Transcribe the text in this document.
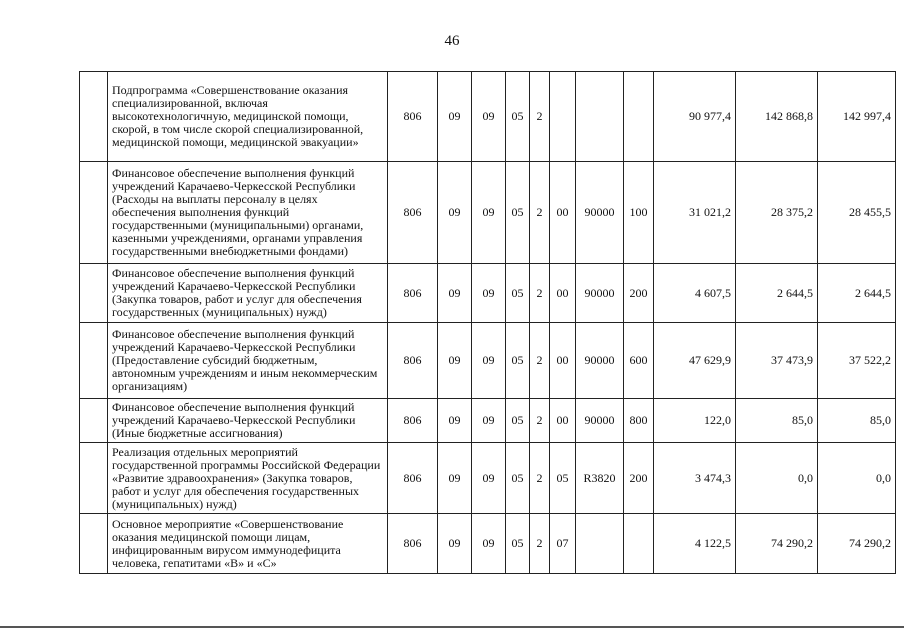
46
	Подпрограмма «Совершенствование оказания специализированной, включая высокотехнологичную, медицинской помощи, скорой, в том числе скорой специализированной, медицинской помощи, медицинской эвакуации»	806	09	09	05	2				90 977,4	142 868,8	142 997,4
	Финансовое обеспечение выполнения функций учреждений Карачаево-Черкесской Республики (Расходы на выплаты персоналу в целях обеспечения выполнения функций государственными (муниципальными) органами, казенными учреждениями, органами управления государственными внебюджетными фондами)	806	09	09	05	2	00	90000	100	31 021,2	28 375,2	28 455,5
	Финансовое обеспечение выполнения функций учреждений Карачаево-Черкесской Республики (Закупка товаров, работ и услуг для обеспечения государственных (муниципальных) нужд)	806	09	09	05	2	00	90000	200	4 607,5	2 644,5	2 644,5
	Финансовое обеспечение выполнения функций учреждений Карачаево-Черкесской Республики (Предоставление субсидий бюджетным, автономным учреждениям и иным некоммерческим организациям)	806	09	09	05	2	00	90000	600	47 629,9	37 473,9	37 522,2
	Финансовое обеспечение выполнения функций учреждений Карачаево-Черкесской Республики (Иные бюджетные ассигнования)	806	09	09	05	2	00	90000	800	122,0	85,0	85,0
	Реализация отдельных мероприятий государственной программы Российской Федерации «Развитие здравоохранения» (Закупка товаров, работ и услуг для обеспечения государственных (муниципальных) нужд)	806	09	09	05	2	05	R3820	200	3 474,3	0,0	0,0
	Основное мероприятие «Совершенствование оказания медицинской помощи лицам, инфицированным вирусом иммунодефицита человека, гепатитами «B» и «C»	806	09	09	05	2	07			4 122,5	74 290,2	74 290,2
